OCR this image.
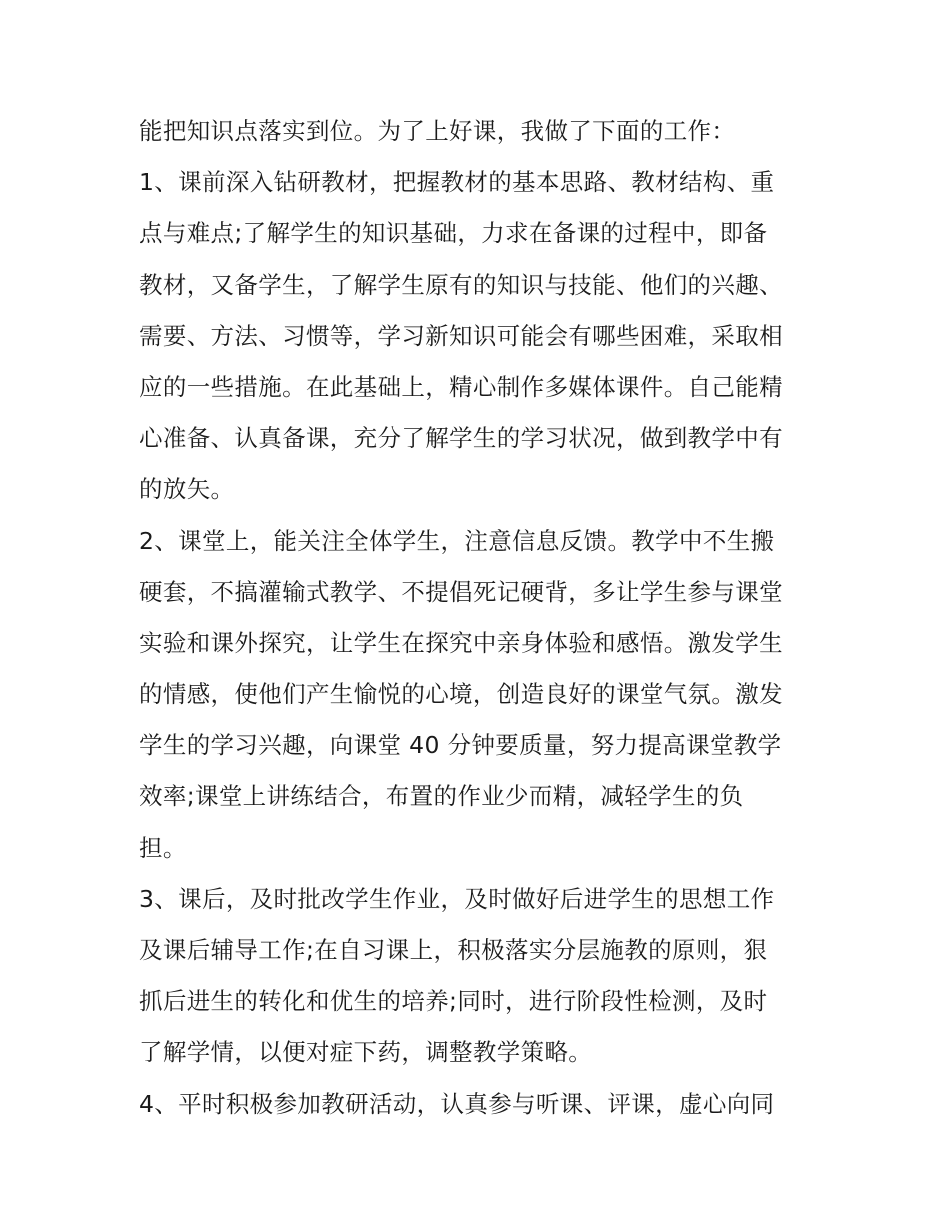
能把知识点落实到位。为了上好课，我做了下面的工作：
1、课前深入钻研教材，把握教材的基本思路、教材结构、重
点与难点;了解学生的知识基础，力求在备课的过程中，即备
教材，又备学生，了解学生原有的知识与技能、他们的兴趣、
需要、方法、习惯等，学习新知识可能会有哪些困难，采取相
应的一些措施。在此基础上，精心制作多媒体课件。自己能精
心准备、认真备课，充分了解学生的学习状况，做到教学中有
的放矢。
2、课堂上，能关注全体学生，注意信息反馈。教学中不生搬
硬套，不搞灌输式教学、不提倡死记硬背，多让学生参与课堂
实验和课外探究，让学生在探究中亲身体验和感悟。激发学生
的情感，使他们产生愉悦的心境，创造良好的课堂气氛。激发
学生的学习兴趣，向课堂 40 分钟要质量，努力提高课堂教学
效率;课堂上讲练结合，布置的作业少而精，减轻学生的负
担。
3、课后，及时批改学生作业，及时做好后进学生的思想工作
及课后辅导工作;在自习课上，积极落实分层施教的原则，狠
抓后进生的转化和优生的培养;同时，进行阶段性检测，及时
了解学情，以便对症下药，调整教学策略。
4、平时积极参加教研活动，认真参与听课、评课，虚心向同
